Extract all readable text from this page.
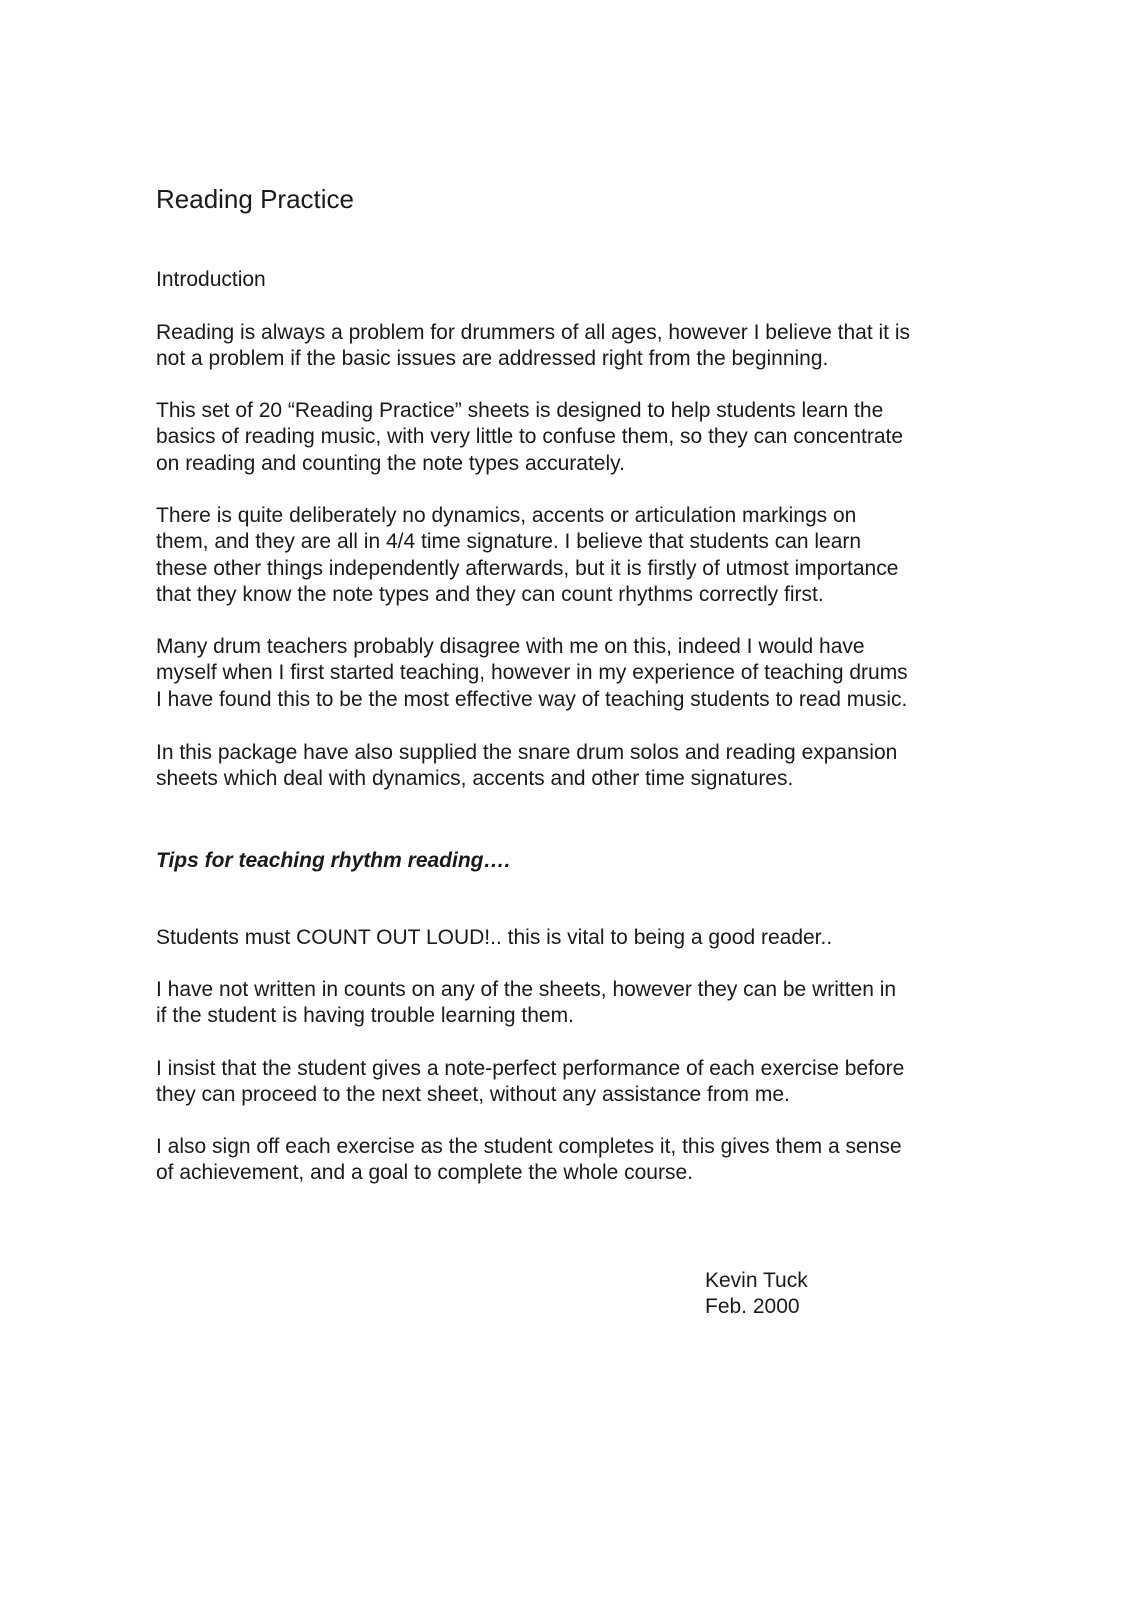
Reading Practice
Introduction

Reading is always a problem for drummers of all ages, however I believe that it is
not a problem if the basic issues are addressed right from the beginning.

This set of 20 “Reading Practice” sheets is designed to help students learn the
basics of reading music, with very little to confuse them, so they can concentrate
on reading and counting the note types accurately.

There is quite deliberately no dynamics, accents or articulation markings on
them, and they are all in 4/4 time signature. I believe that students can learn
these other things independently afterwards, but it is firstly of utmost importance
that they know the note types and they can count rhythms correctly first.

Many drum teachers probably disagree with me on this, indeed I would have
myself when I first started teaching, however in my experience of teaching drums
I have found this to be the most effective way of teaching students to read music.

In this package have also supplied the snare drum solos and reading expansion
sheets which deal with dynamics, accents and other time signatures.

Tips for teaching rhythm reading….

Students must COUNT OUT LOUD!.. this is vital to being a good reader..

I have not written in counts on any of the sheets, however they can be written in
if the student is having trouble learning them.

I insist that the student gives a note-perfect performance of each exercise before
they can proceed to the next sheet, without any assistance from me.

I also sign off each exercise as the student completes it, this gives them a sense
of achievement, and a goal to complete the whole course.

Kevin Tuck
Feb. 2000
